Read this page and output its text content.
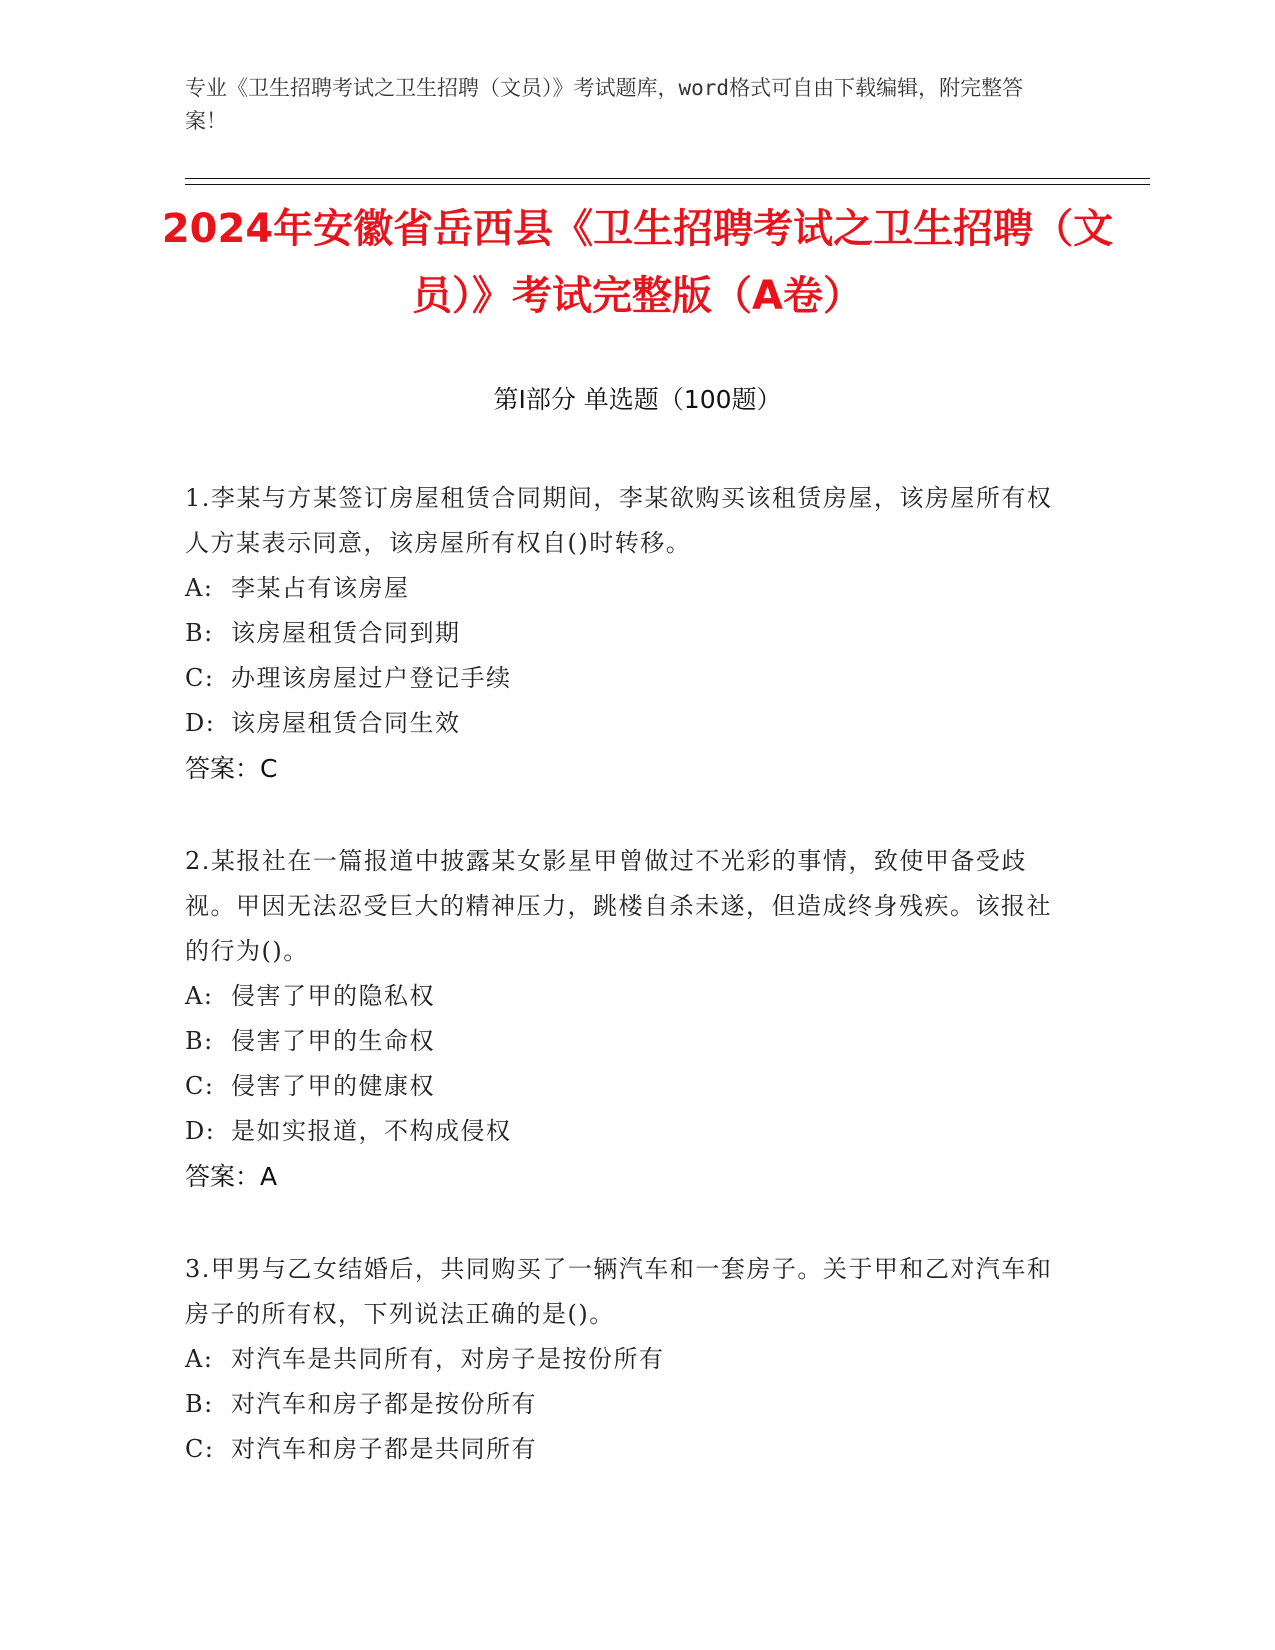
专业《卫生招聘考试之卫生招聘（文员）》考试题库，word格式可自由下载编辑，附完整答案！
2024年安徽省岳西县《卫生招聘考试之卫生招聘（文员）》考试完整版（A卷）
第Ⅰ部分 单选题（100题）
1.李某与方某签订房屋租赁合同期间，李某欲购买该租赁房屋，该房屋所有权人方某表示同意，该房屋所有权自()时转移。
A: 李某占有该房屋
B: 该房屋租赁合同到期
C: 办理该房屋过户登记手续
D: 该房屋租赁合同生效
答案：C
2.某报社在一篇报道中披露某女影星甲曾做过不光彩的事情，致使甲备受歧视。甲因无法忍受巨大的精神压力，跳楼自杀未遂，但造成终身残疾。该报社的行为()。
A: 侵害了甲的隐私权
B: 侵害了甲的生命权
C: 侵害了甲的健康权
D: 是如实报道，不构成侵权
答案：A
3.甲男与乙女结婚后，共同购买了一辆汽车和一套房子。关于甲和乙对汽车和房子的所有权，下列说法正确的是()。
A: 对汽车是共同所有，对房子是按份所有
B: 对汽车和房子都是按份所有
C: 对汽车和房子都是共同所有
